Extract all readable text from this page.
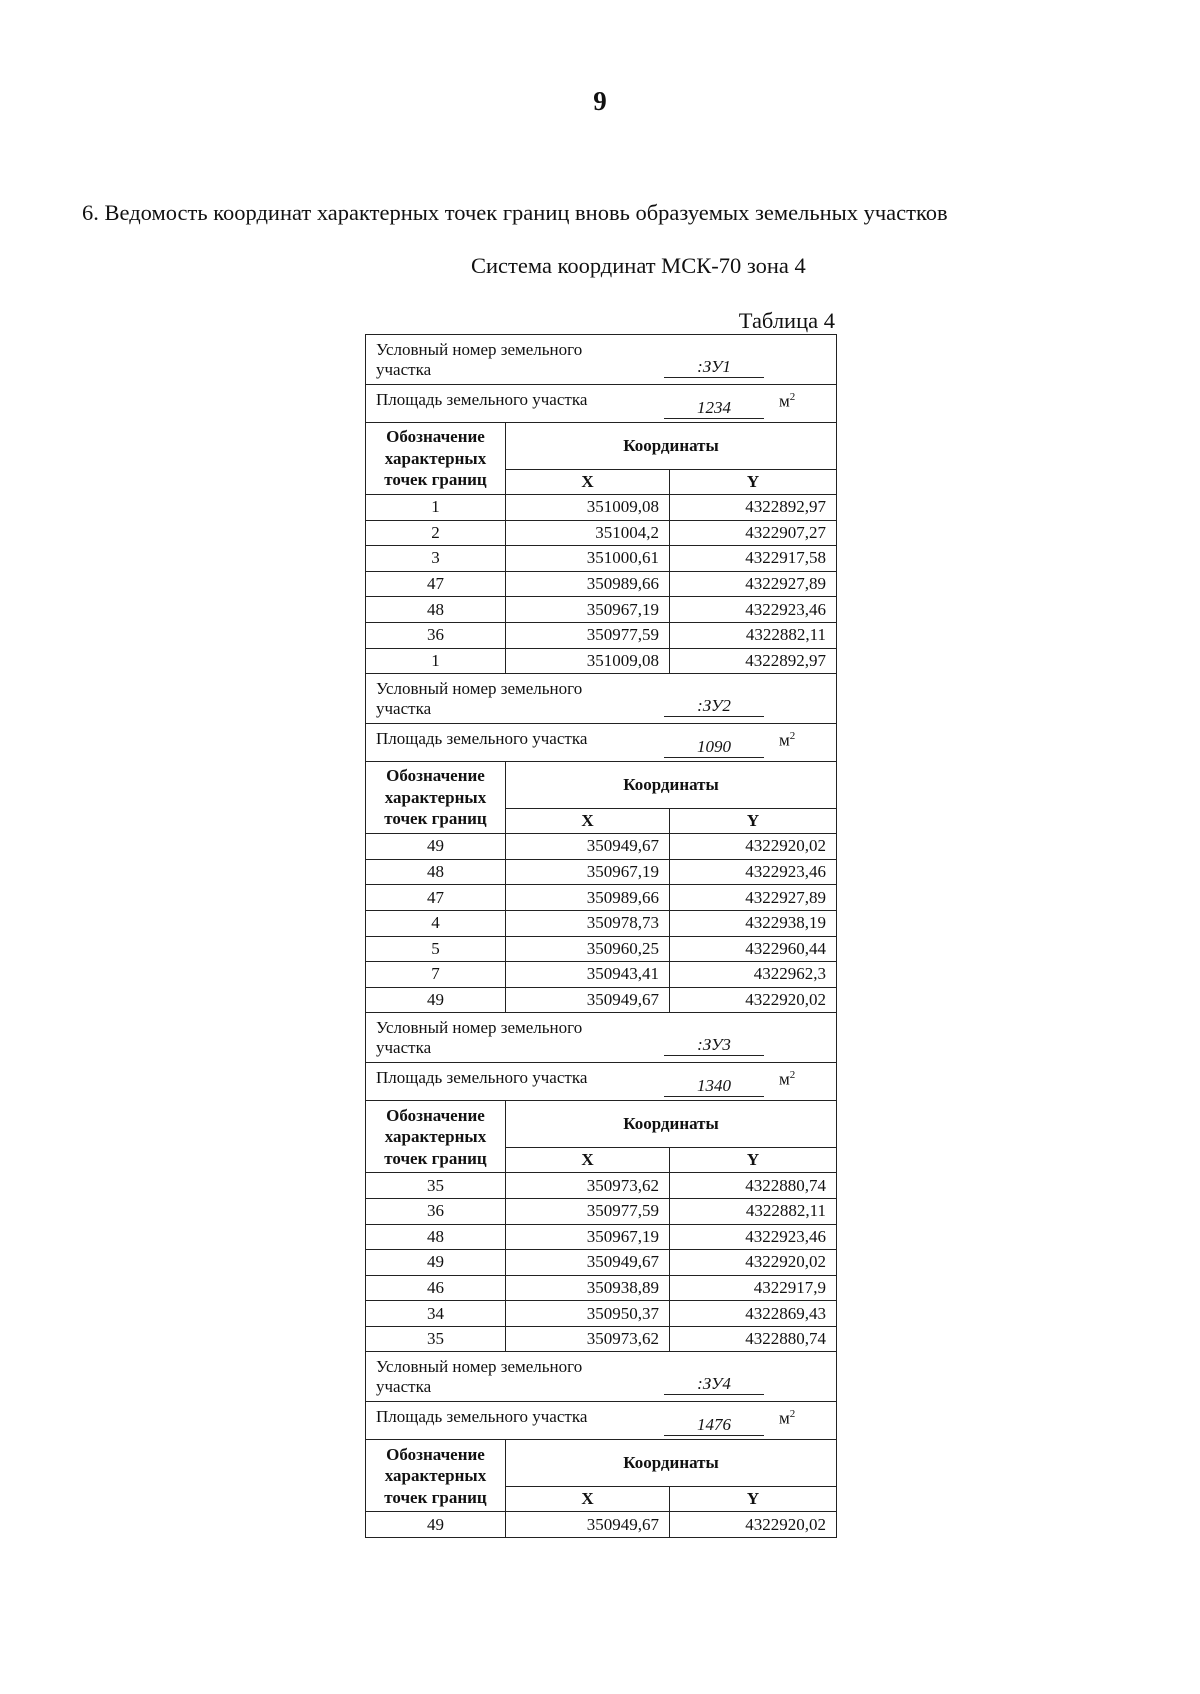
9
6. Ведомость координат характерных точек границ вновь образуемых земельных участков
Система координат МСК-70 зона 4
Таблица 4
Условный номер земельного
участка :ЗУ1		

Площадь земельного участка 1234 $м^2$

Обозначение
характерных
точек границ	Координаты	
	X	Y
1	351009,08	4322892,97
2	351004,2	4322907,27
3	351000,61	4322917,58
47	350989,66	4322927,89
48	350967,19	4322923,46
36	350977,59	4322882,11
1	351009,08	4322892,97
Условный номер земельного
участка :ЗУ2		

Площадь земельного участка 1090 $м^2$

Обозначение
характерных
точек границ	Координаты	
	X	Y
49	350949,67	4322920,02
48	350967,19	4322923,46
47	350989,66	4322927,89
4	350978,73	4322938,19
5	350960,25	4322960,44
7	350943,41	4322962,3
49	350949,67	4322920,02
Условный номер земельного
участка :ЗУ3		

Площадь земельного участка 1340 $м^2$

Обозначение
характерных
точек границ	Координаты	
	X	Y
35	350973,62	4322880,74
36	350977,59	4322882,11
48	350967,19	4322923,46
49	350949,67	4322920,02
46	350938,89	4322917,9
34	350950,37	4322869,43
35	350973,62	4322880,74
Условный номер земельного
участка :ЗУ4		

Площадь земельного участка 1476 $м^2$

Обозначение
характерных
точек границ	Координаты	
	X	Y
49	350949,67	4322920,02
